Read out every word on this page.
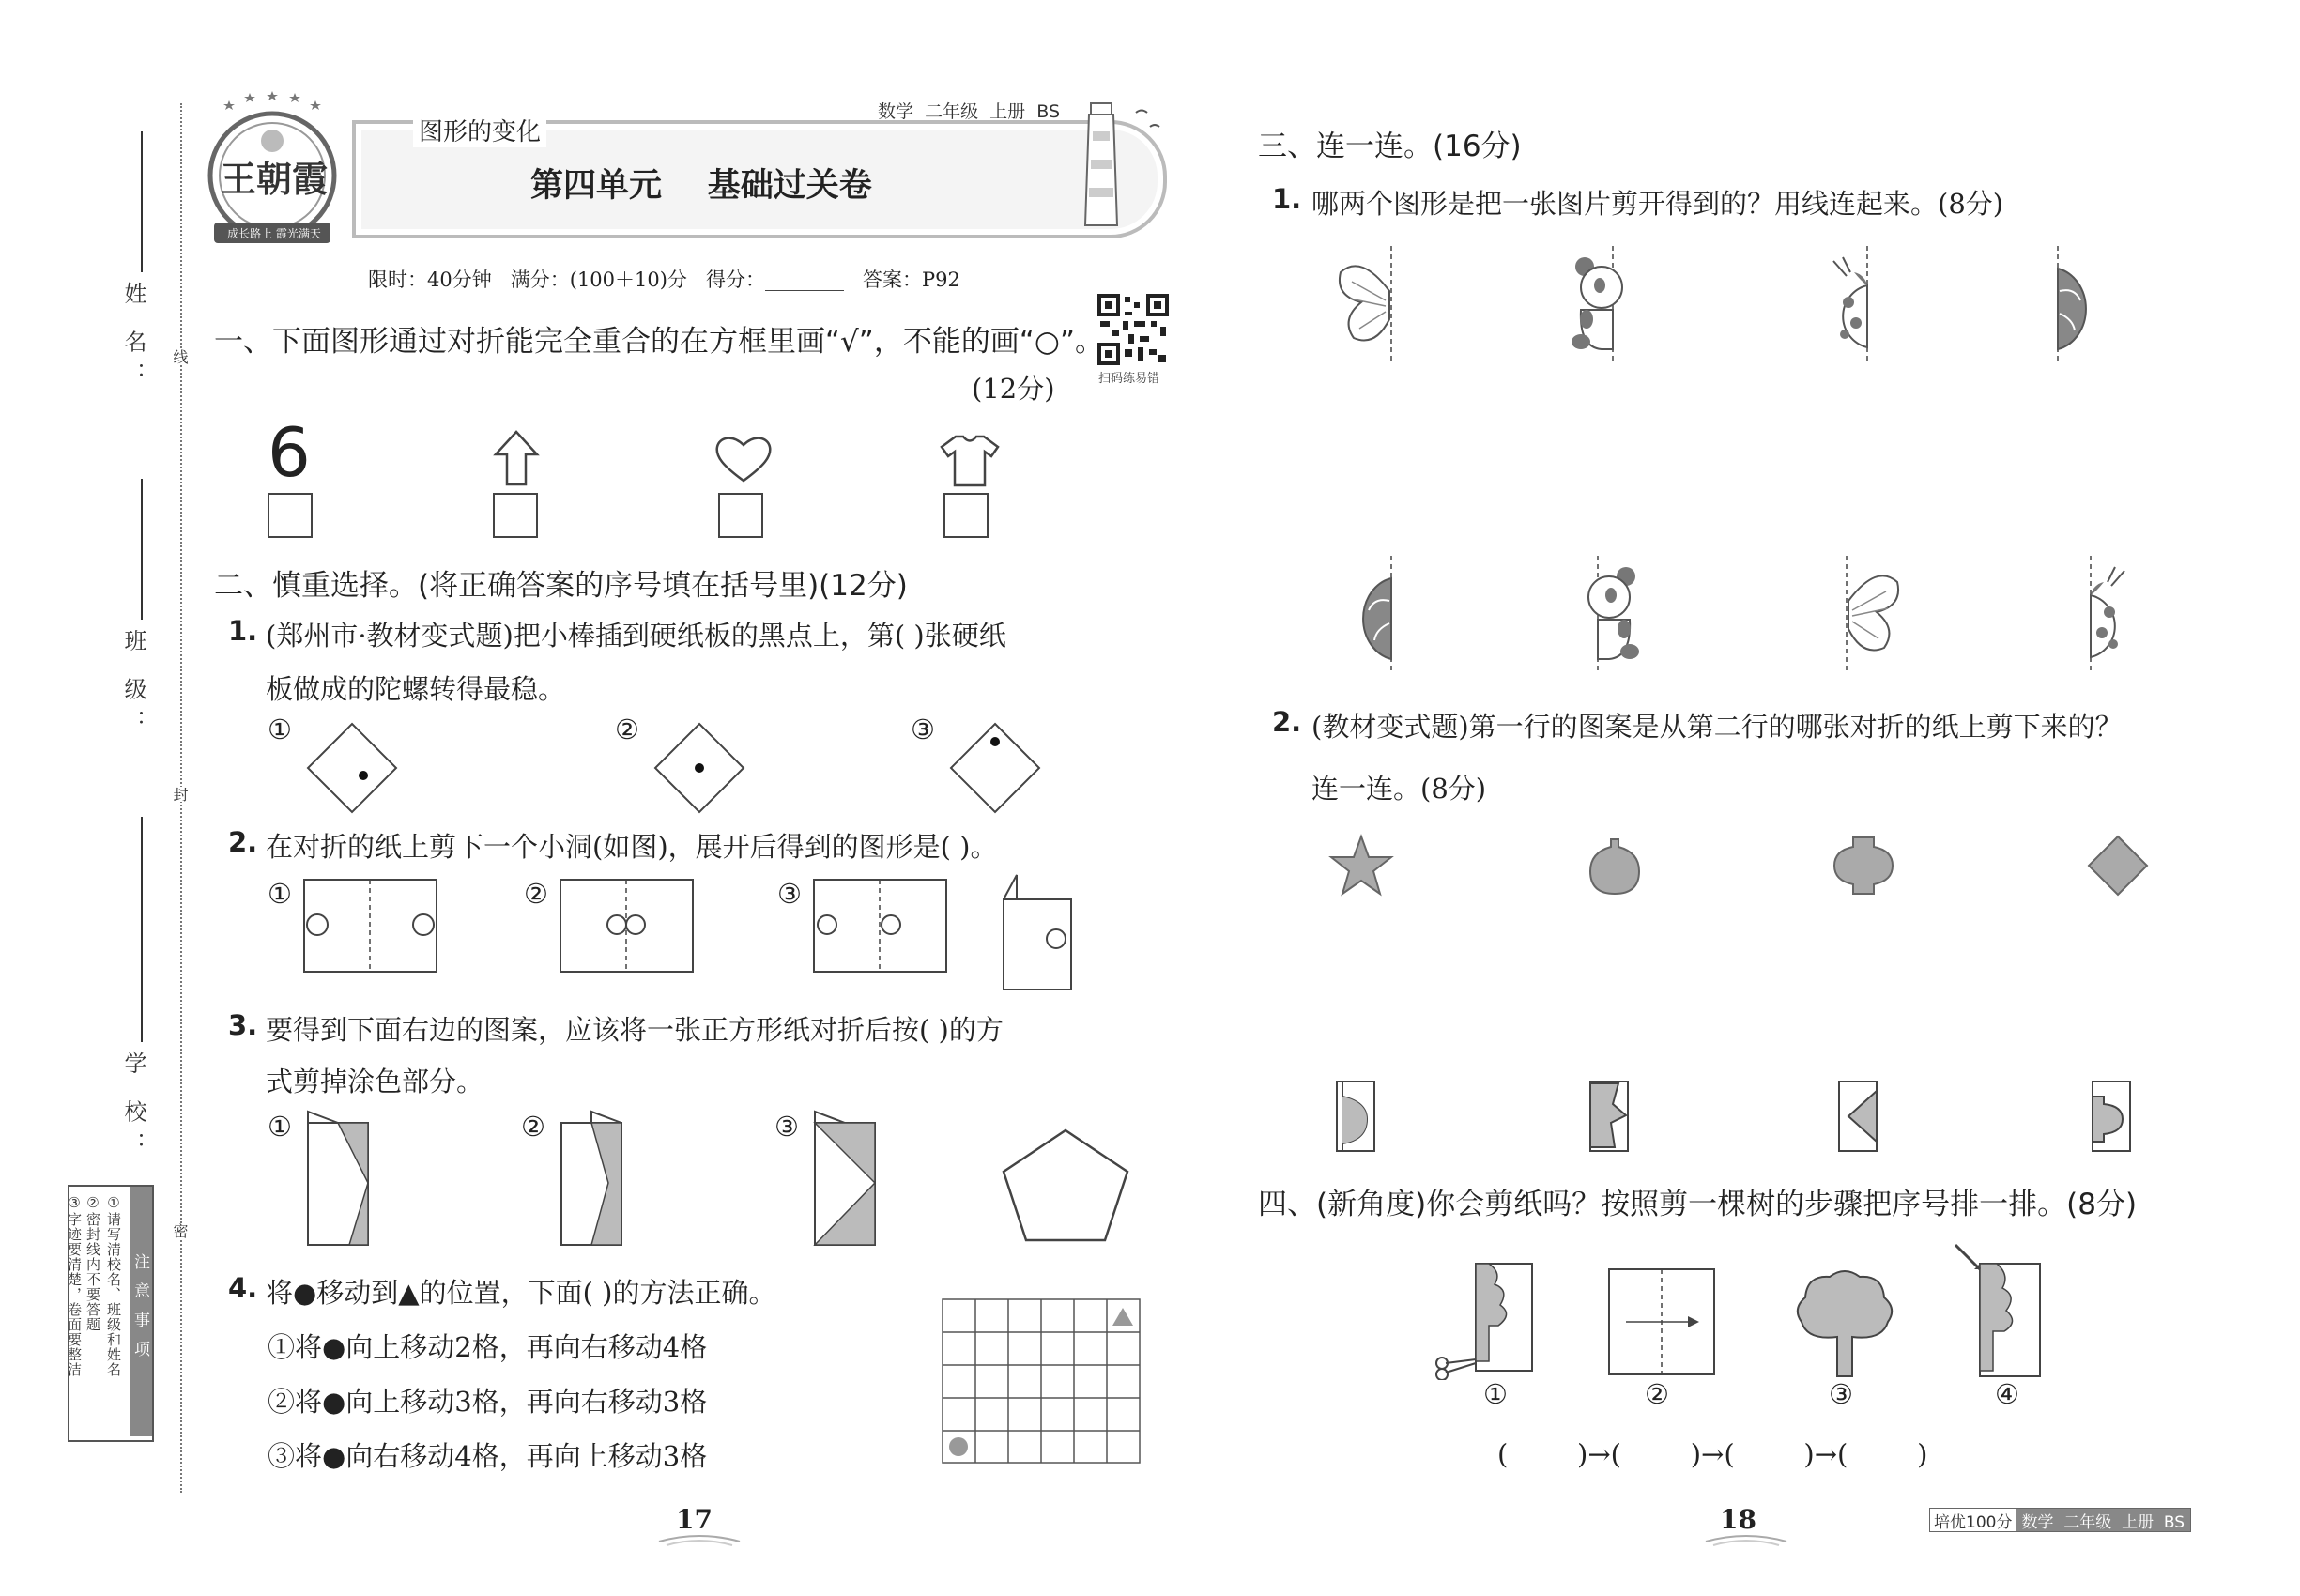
姓 名：
班 级：
学 校：
线
封
密
注意事项
①请写清校名、班级和姓名
②密封线内不要答题
③字迹要清楚，卷面要整洁
王朝霞
成长路上 霞光满天
图形的变化
数学  二年级  上册  BS
第四单元    基础过关卷
限时：40分钟   满分：(100＋10)分   得分：________   答案：P92
扫码练易错
一、下面图形通过对折能完全重合的在方框里画“√”，不能的画“○”。
(12分)
6
二、慎重选择。(将正确答案的序号填在括号里)(12分)
1. (郑州市·教材变式题)把小棒插到硬纸板的黑点上，第( )张硬纸
板做成的陀螺转得最稳。
①	②	③
2. 在对折的纸上剪下一个小洞(如图)，展开后得到的图形是( )。
①	②	③
3. 要得到下面右边的图案，应该将一张正方形纸对折后按( )的方
式剪掉涂色部分。
①	②	③
4. 将●移动到▲的位置，下面( )的方法正确。
①将●向上移动2格，再向右移动4格
②将●向上移动3格，再向右移动3格
③将●向右移动4格，再向上移动3格
17
三、连一连。(16分)
1. 哪两个图形是把一张图片剪开得到的？用线连起来。(8分)
2. (教材变式题)第一行的图案是从第二行的哪张对折的纸上剪下来的？
连一连。(8分)
四、(新角度)你会剪纸吗？按照剪一棵树的步骤把序号排一排。(8分)
①	②	③	④
(        )→(        )→(        )→(        )
18	培优100分 数学  二年级  上册  BS
